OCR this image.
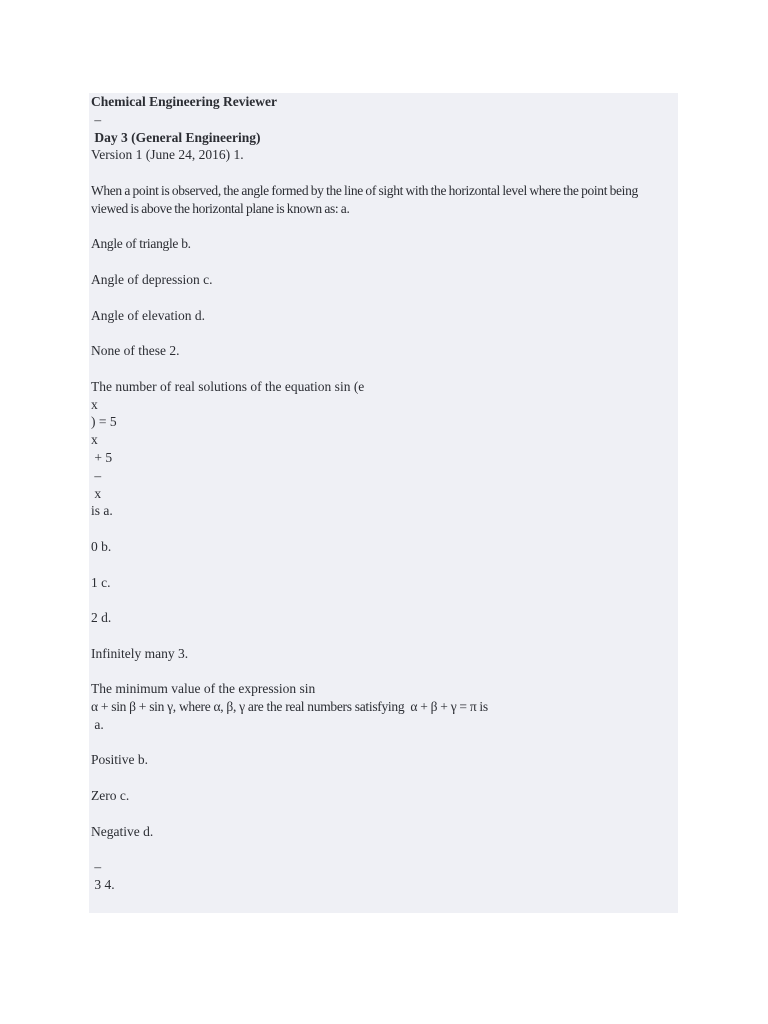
Chemical Engineering Reviewer
–
Day 3 (General Engineering)
Version 1 (June 24, 2016) 1.
When a point is observed, the angle formed by the line of sight with the horizontal level where the point being viewed is above the horizontal plane is known as: a.
Angle of triangle b.
Angle of depression c.
Angle of elevation d.
None of these 2.
The number of real solutions of the equation sin (e
x
) = 5
x
+ 5
–
x
is a.
0 b.
1 c.
2 d.
Infinitely many 3.
The minimum value of the expression sin
α + sin β + sin γ, where α, β, γ are the real numbers satisfying  α + β + γ = π is
a.
Positive b.
Zero c.
Negative d.
–
3 4.
